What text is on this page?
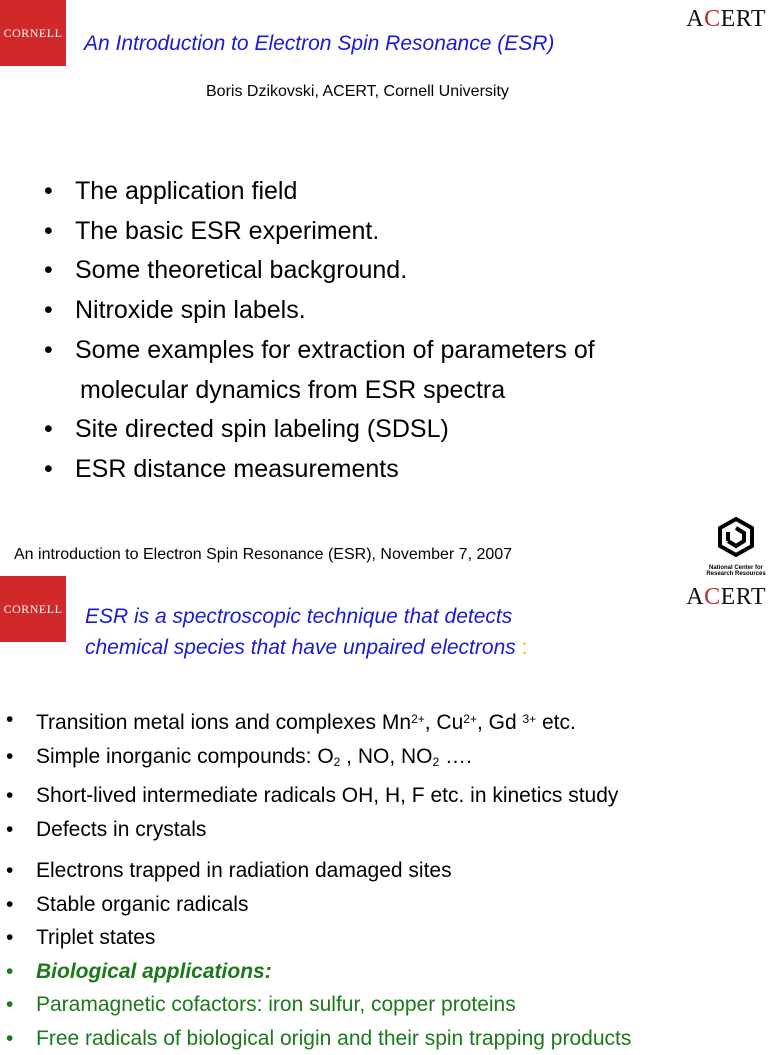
CORNELL
ACERT
An Introduction to Electron Spin Resonance (ESR)
Boris Dzikovski, ACERT, Cornell University
• The application field
• The basic ESR experiment.
• Some theoretical background.
• Nitroxide spin labels.
• Some examples for extraction of parameters of
molecular dynamics from ESR spectra
• Site directed spin labeling (SDSL)
• ESR distance measurements
An introduction to Electron Spin Resonance (ESR), November 7, 2007
National Center for Research Resources
CORNELL	ACERT
ESR is a spectroscopic technique that detects
chemical species that have unpaired electrons :
•	Transition metal ions and complexes $Mn^{2+}$, $Cu^{2+}$, Gd $^{3+}$ etc.
•	Simple inorganic compounds: $O_2$ , NO, $NO_2$ ….
•	Short-lived intermediate radicals OH, H, F etc. in kinetics study
•	Defects in crystals
•	Electrons trapped in radiation damaged sites
•	Stable organic radicals
•	Triplet states
•	Biological applications:
•	Paramagnetic cofactors: iron sulfur, copper proteins
•	Free radicals of biological origin and their spin trapping products
